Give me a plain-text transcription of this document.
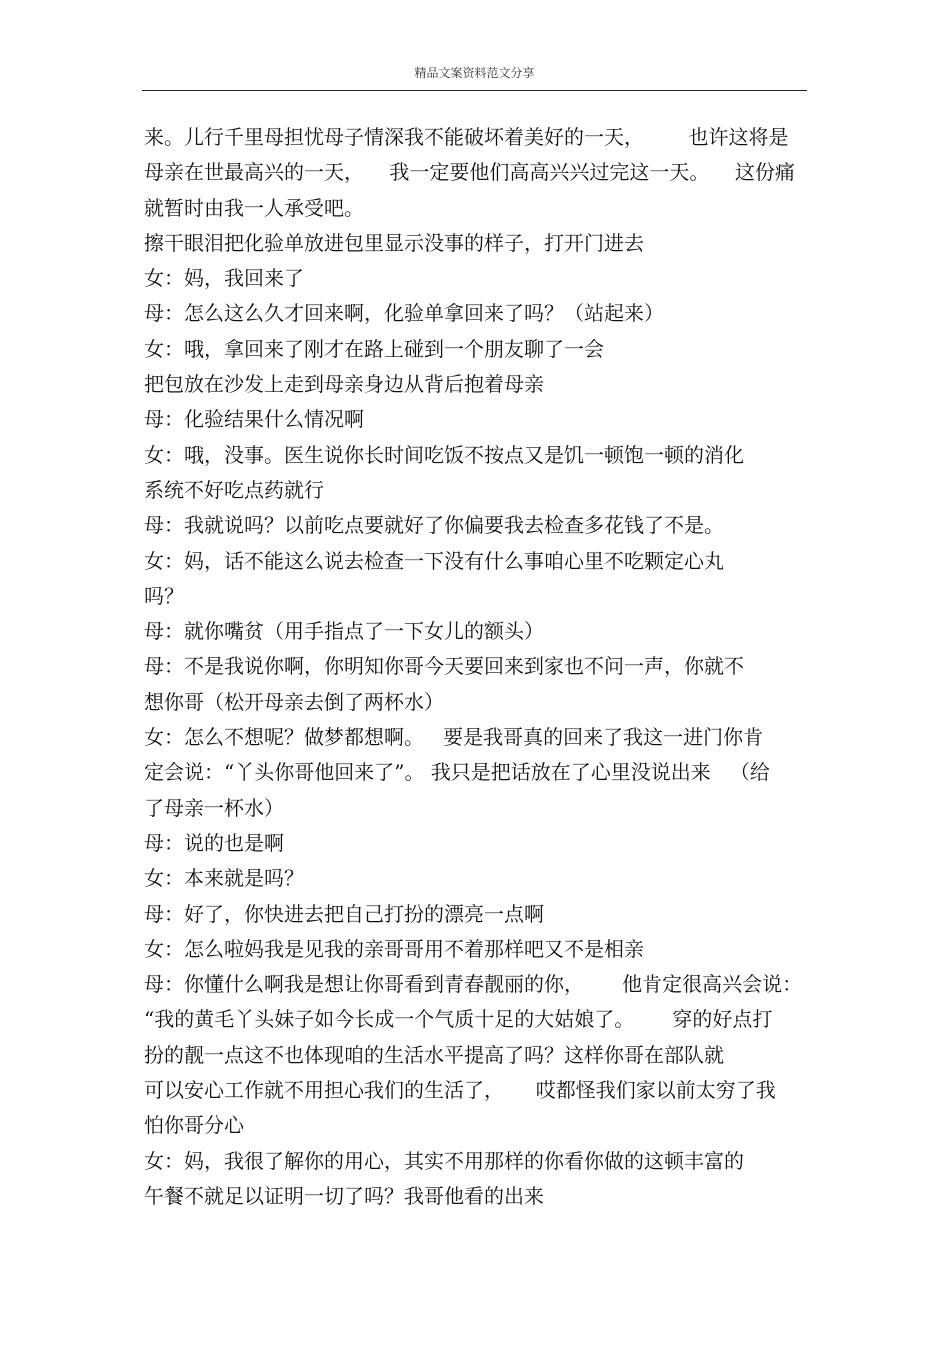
精品文案资料范文分享
来。儿行千里母担忧母子情深我不能破坏着美好的一天，       也许这将是
母亲在世最高兴的一天，    我一定要他们高高兴兴过完这一天。    这份痛
就暂时由我一人承受吧。
擦干眼泪把化验单放进包里显示没事的样子，打开门进去
女：妈，我回来了
母：怎么这么久才回来啊，化验单拿回来了吗？（站起来）
女：哦，拿回来了刚才在路上碰到一个朋友聊了一会
把包放在沙发上走到母亲身边从背后抱着母亲
母：化验结果什么情况啊
女：哦，没事。医生说你长时间吃饭不按点又是饥一顿饱一顿的消化
系统不好吃点药就行
母：我就说吗？以前吃点要就好了你偏要我去检查多花钱了不是。
女：妈，话不能这么说去检查一下没有什么事咱心里不吃颗定心丸
吗？
母：就你嘴贫（用手指点了一下女儿的额头）
母：不是我说你啊，你明知你哥今天要回来到家也不问一声，你就不
想你哥（松开母亲去倒了两杯水）
女：怎么不想呢？做梦都想啊。   要是我哥真的回来了我这一进门你肯
定会说：“丫头你哥他回来了”。 我只是把话放在了心里没说出来   （给
了母亲一杯水）
母：说的也是啊
女：本来就是吗？
母：好了，你快进去把自己打扮的漂亮一点啊
女：怎么啦妈我是见我的亲哥哥用不着那样吧又不是相亲
母：你懂什么啊我是想让你哥看到青春靓丽的你，      他肯定很高兴会说：
“我的黄毛丫头妹子如今长成一个气质十足的大姑娘了。      穿的好点打
扮的靓一点这不也体现咱的生活水平提高了吗？这样你哥在部队就
可以安心工作就不用担心我们的生活了，     哎都怪我们家以前太穷了我
怕你哥分心
女：妈，我很了解你的用心，其实不用那样的你看你做的这顿丰富的
午餐不就足以证明一切了吗？我哥他看的出来
